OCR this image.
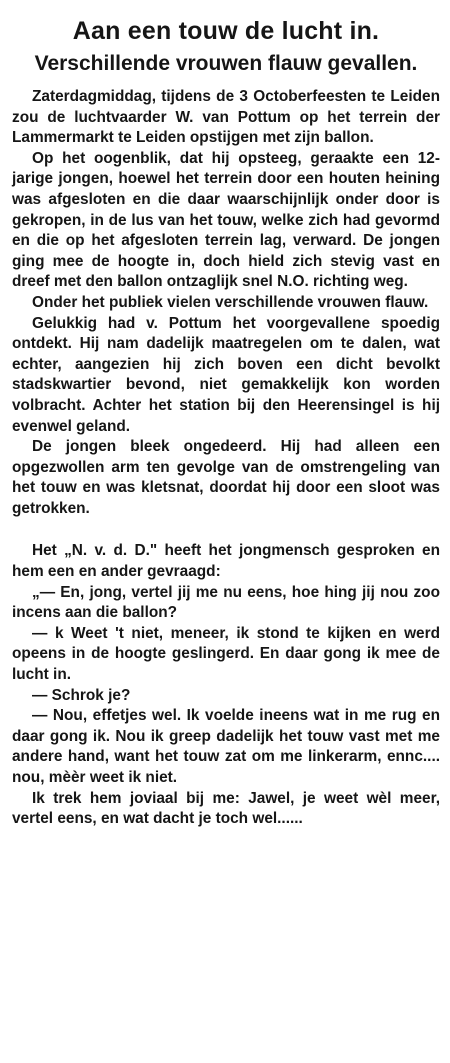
Aan een touw de lucht in.
Verschillende vrouwen flauw gevallen.

Zaterdagmiddag, tijdens de 3 Octoberfeesten te Leiden zou de luchtvaarder W. van Pottum op het terrein der Lammermarkt te Leiden opstijgen met zijn ballon.

Op het oogenblik, dat hij opsteeg, geraakte een 12-jarige jongen, hoewel het terrein door een houten heining was afgesloten en die daar waarschijnlijk onder door is gekropen, in de lus van het touw, welke zich had gevormd en die op het afgesloten terrein lag, verward. De jongen ging mee de hoogte in, doch hield zich stevig vast en dreef met den ballon ontzaglijk snel N.O. richting weg.

Onder het publiek vielen verschillende vrouwen flauw.

Gelukkig had v. Pottum het voorgevallene spoedig ontdekt. Hij nam dadelijk maatregelen om te dalen, wat echter, aangezien hij zich boven een dicht bevolkt stadskwartier bevond, niet gemakkelijk kon worden volbracht. Achter het station bij den Heerensingel is hij evenwel geland.

De jongen bleek ongedeerd. Hij had alleen een opgezwollen arm ten gevolge van de omstrengeling van het touw en was kletsnat, doordat hij door een sloot was getrokken.

Het „N. v. d. D." heeft het jongmensch gesproken en hem een en ander gevraagd:

„— En, jong, vertel jij me nu eens, hoe hing jij nou zoo incens aan die ballon?

— k Weet 't niet, meneer, ik stond te kijken en werd opeens in de hoogte geslingerd. En daar gong ik mee de lucht in.

— Schrok je?

— Nou, effetjes wel. Ik voelde ineens wat in me rug en daar gong ik. Nou ik greep dadelijk het touw vast met me andere hand, want het touw zat om me linkerarm, ennc.... nou, mèèr weet ik niet.

Ik trek hem joviaal bij me: Jawel, je weet wèl meer, vertel eens, en wat dacht je toch wel......
